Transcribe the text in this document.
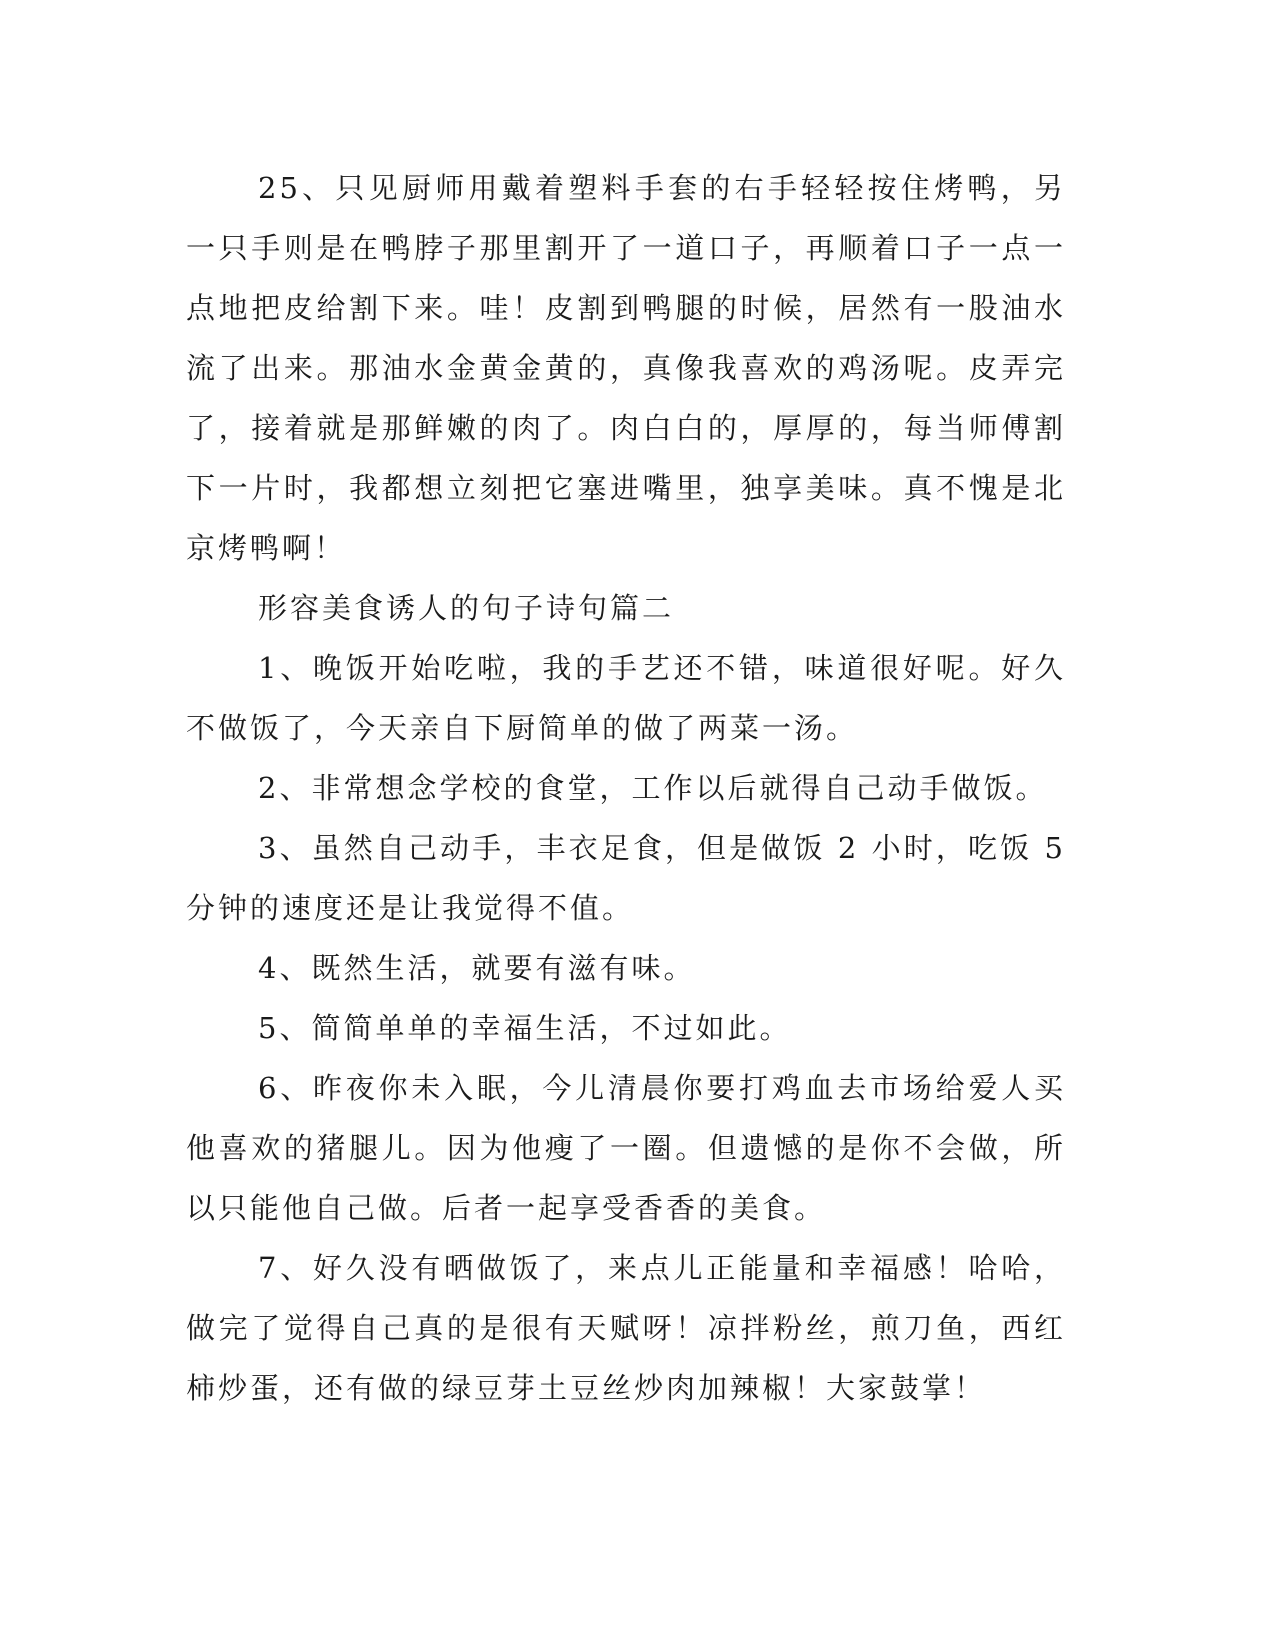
25、只见厨师用戴着塑料手套的右手轻轻按住烤鸭，另一只手则是在鸭脖子那里割开了一道口子，再顺着口子一点一点地把皮给割下来。哇！皮割到鸭腿的时候，居然有一股油水流了出来。那油水金黄金黄的，真像我喜欢的鸡汤呢。皮弄完了，接着就是那鲜嫩的肉了。肉白白的，厚厚的，每当师傅割下一片时，我都想立刻把它塞进嘴里，独享美味。真不愧是北京烤鸭啊！

形容美食诱人的句子诗句篇二

1、晚饭开始吃啦，我的手艺还不错，味道很好呢。好久不做饭了，今天亲自下厨简单的做了两菜一汤。

2、非常想念学校的食堂，工作以后就得自己动手做饭。

3、虽然自己动手，丰衣足食，但是做饭 2 小时，吃饭 5 分钟的速度还是让我觉得不值。

4、既然生活，就要有滋有味。

5、简简单单的幸福生活，不过如此。

6、昨夜你未入眠，今儿清晨你要打鸡血去市场给爱人买他喜欢的猪腿儿。因为他瘦了一圈。但遗憾的是你不会做，所以只能他自己做。后者一起享受香香的美食。

7、好久没有晒做饭了，来点儿正能量和幸福感！哈哈，做完了觉得自己真的是很有天赋呀！凉拌粉丝，煎刀鱼，西红柿炒蛋，还有做的绿豆芽土豆丝炒肉加辣椒！大家鼓掌！
